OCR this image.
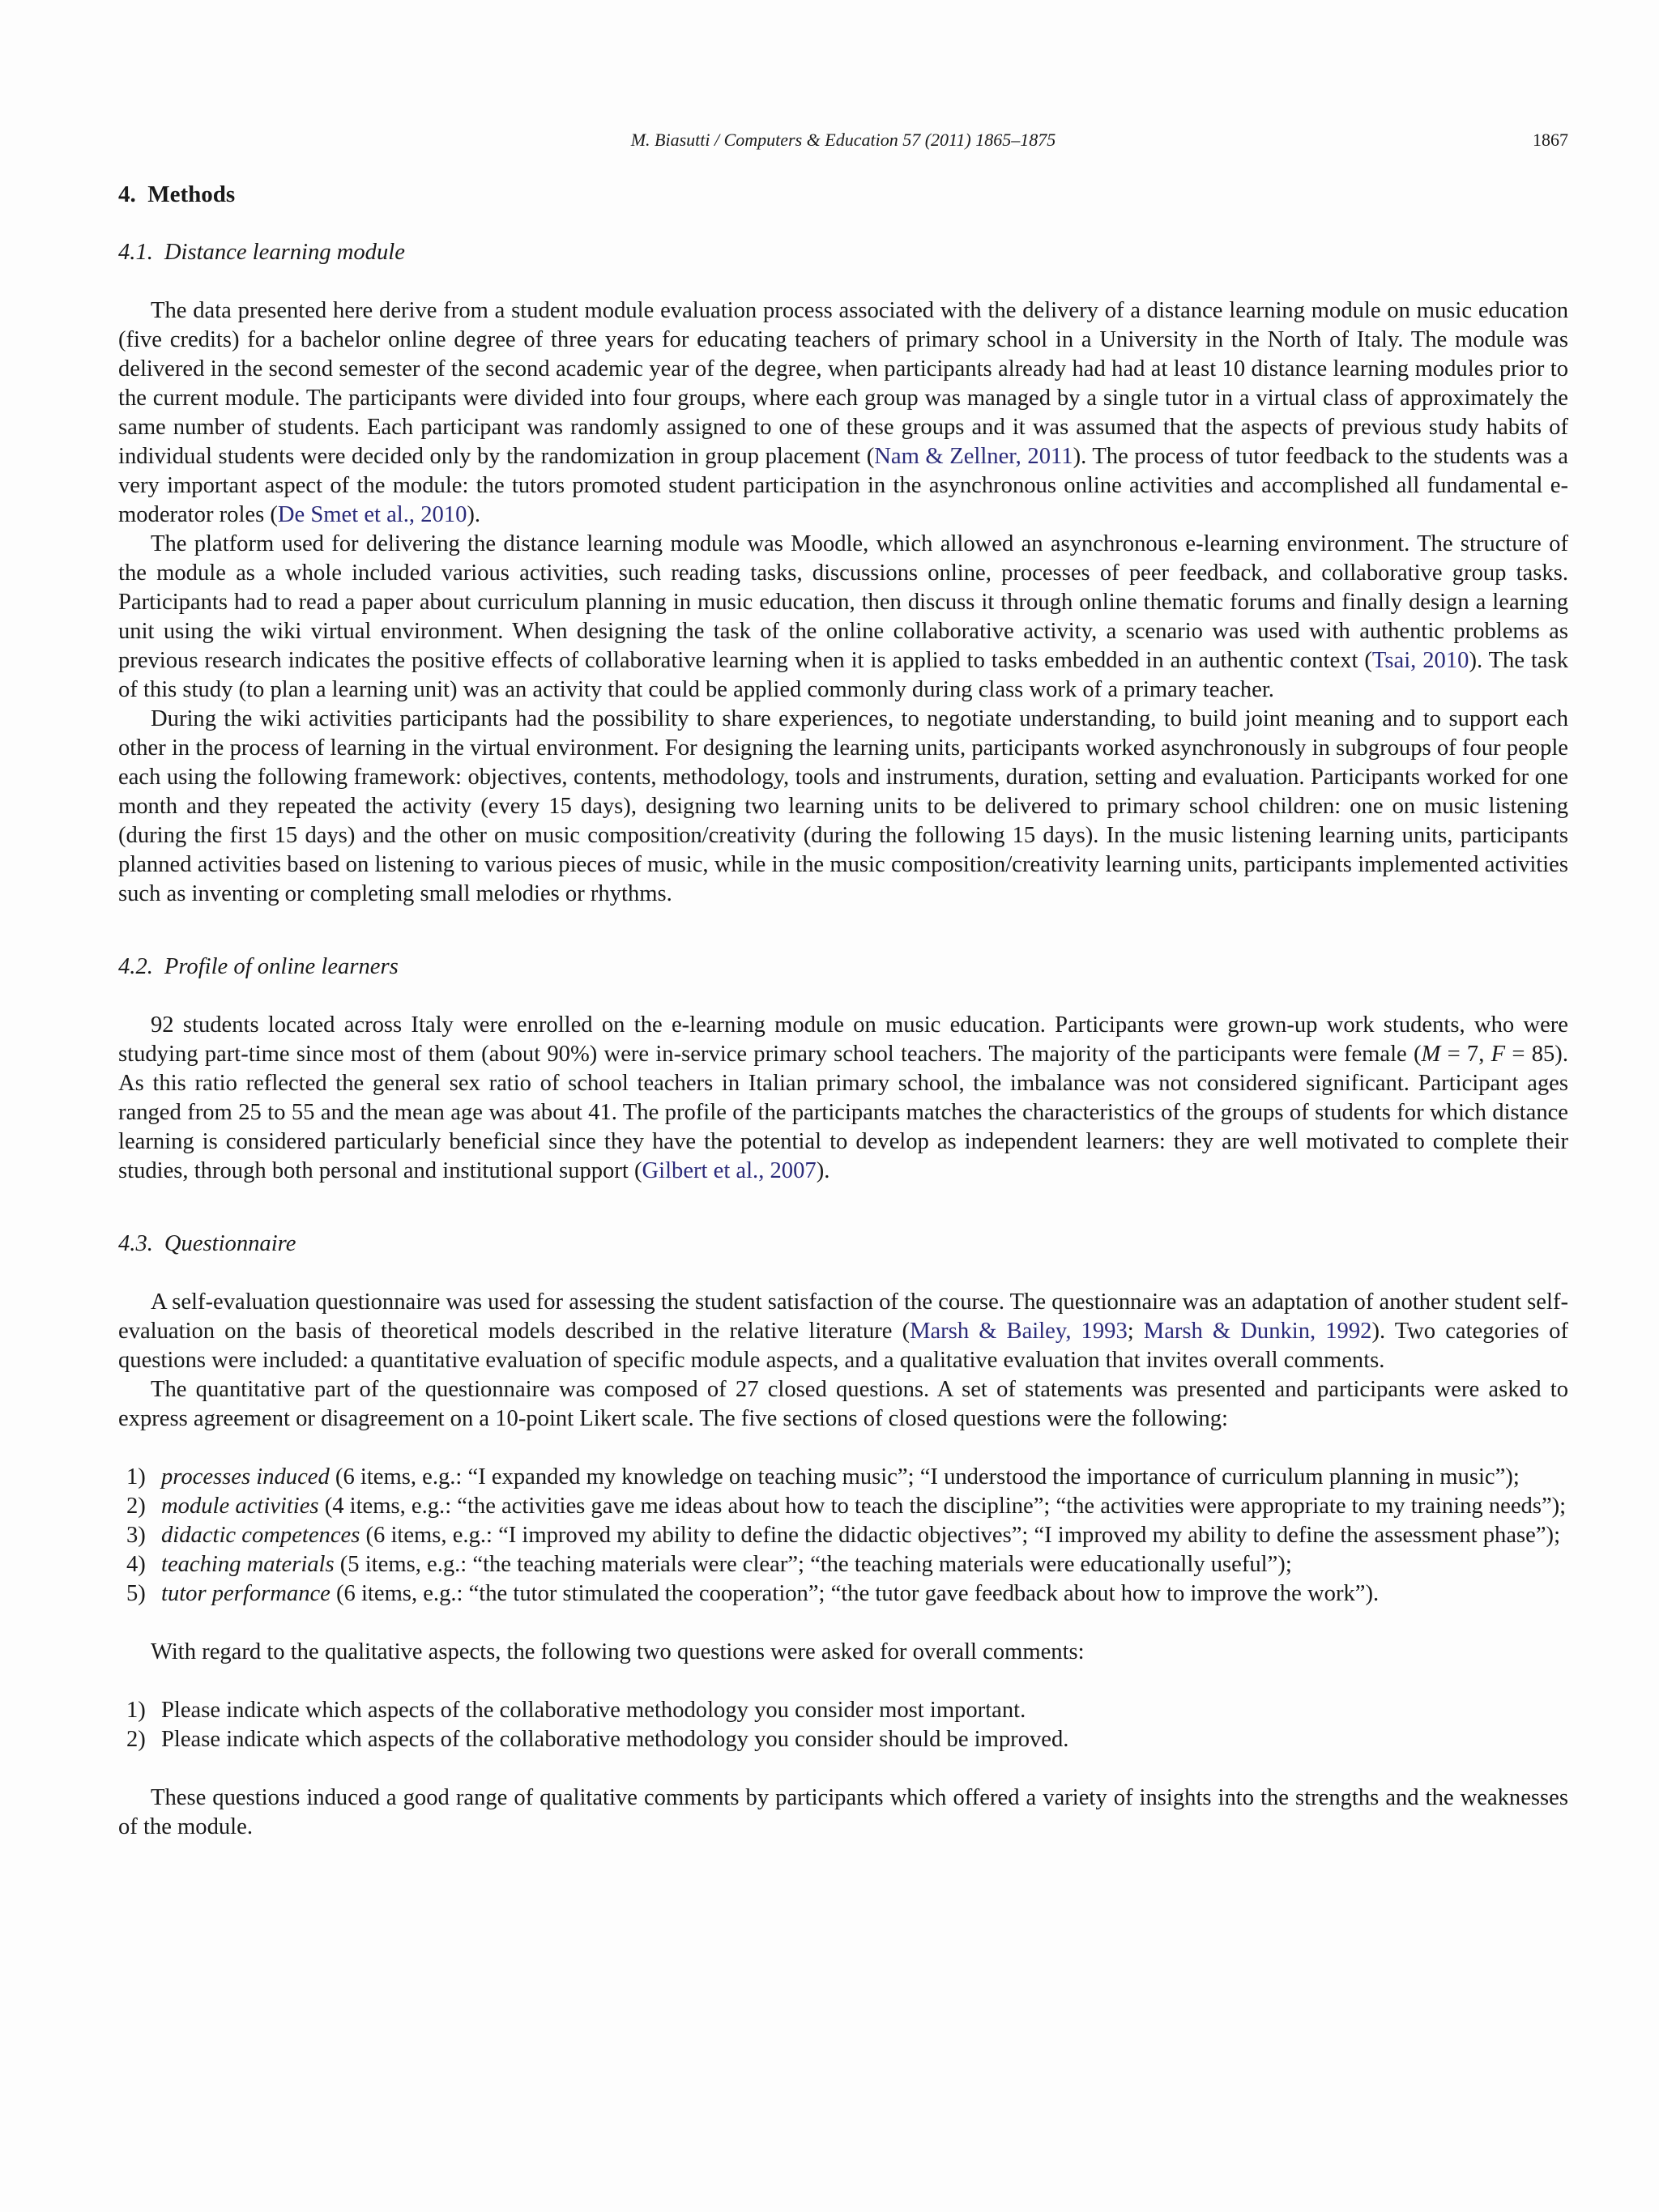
M. Biasutti / Computers & Education 57 (2011) 1865–1875	1867
4. Methods
4.1. Distance learning module

The data presented here derive from a student module evaluation process associated with the delivery of a distance learning module on music education (five credits) for a bachelor online degree of three years for educating teachers of primary school in a University in the North of Italy. The module was delivered in the second semester of the second academic year of the degree, when participants already had had at least 10 distance learning modules prior to the current module. The participants were divided into four groups, where each group was managed by a single tutor in a virtual class of approximately the same number of students. Each participant was randomly assigned to one of these groups and it was assumed that the aspects of previous study habits of individual students were decided only by the randomization in group placement (Nam & Zellner, 2011). The process of tutor feedback to the students was a very important aspect of the module: the tutors promoted student participation in the asynchronous online activities and accomplished all fundamental e-moderator roles (De Smet et al., 2010).

The platform used for delivering the distance learning module was Moodle, which allowed an asynchronous e-learning environment. The structure of the module as a whole included various activities, such reading tasks, discussions online, processes of peer feedback, and collaborative group tasks. Participants had to read a paper about curriculum planning in music education, then discuss it through online thematic forums and finally design a learning unit using the wiki virtual environment. When designing the task of the online collaborative activity, a scenario was used with authentic problems as previous research indicates the positive effects of collaborative learning when it is applied to tasks embedded in an authentic context (Tsai, 2010). The task of this study (to plan a learning unit) was an activity that could be applied commonly during class work of a primary teacher.

During the wiki activities participants had the possibility to share experiences, to negotiate understanding, to build joint meaning and to support each other in the process of learning in the virtual environment. For designing the learning units, participants worked asynchronously in subgroups of four people each using the following framework: objectives, contents, methodology, tools and instruments, duration, setting and evaluation. Participants worked for one month and they repeated the activity (every 15 days), designing two learning units to be delivered to primary school children: one on music listening (during the first 15 days) and the other on music composition/creativity (during the following 15 days). In the music listening learning units, participants planned activities based on listening to various pieces of music, while in the music composition/creativity learning units, participants implemented activities such as inventing or completing small melodies or rhythms.

4.2. Profile of online learners

92 students located across Italy were enrolled on the e-learning module on music education. Participants were grown-up work students, who were studying part-time since most of them (about 90%) were in-service primary school teachers. The majority of the participants were female (M = 7, F = 85). As this ratio reflected the general sex ratio of school teachers in Italian primary school, the imbalance was not considered significant. Participant ages ranged from 25 to 55 and the mean age was about 41. The profile of the participants matches the characteristics of the groups of students for which distance learning is considered particularly beneficial since they have the potential to develop as independent learners: they are well motivated to complete their studies, through both personal and institutional support (Gilbert et al., 2007).

4.3. Questionnaire

A self-evaluation questionnaire was used for assessing the student satisfaction of the course. The questionnaire was an adaptation of another student self-evaluation on the basis of theoretical models described in the relative literature (Marsh & Bailey, 1993; Marsh & Dunkin, 1992). Two categories of questions were included: a quantitative evaluation of specific module aspects, and a qualitative evaluation that invites overall comments.

The quantitative part of the questionnaire was composed of 27 closed questions. A set of statements was presented and participants were asked to express agreement or disagreement on a 10-point Likert scale. The five sections of closed questions were the following:

1) processes induced (6 items, e.g.: “I expanded my knowledge on teaching music”; “I understood the importance of curriculum planning in music”);
2) module activities (4 items, e.g.: “the activities gave me ideas about how to teach the discipline”; “the activities were appropriate to my training needs”);
3) didactic competences (6 items, e.g.: “I improved my ability to define the didactic objectives”; “I improved my ability to define the assessment phase”);
4) teaching materials (5 items, e.g.: “the teaching materials were clear”; “the teaching materials were educationally useful”);
5) tutor performance (6 items, e.g.: “the tutor stimulated the cooperation”; “the tutor gave feedback about how to improve the work”).

With regard to the qualitative aspects, the following two questions were asked for overall comments:

1) Please indicate which aspects of the collaborative methodology you consider most important.
2) Please indicate which aspects of the collaborative methodology you consider should be improved.

These questions induced a good range of qualitative comments by participants which offered a variety of insights into the strengths and the weaknesses of the module.
